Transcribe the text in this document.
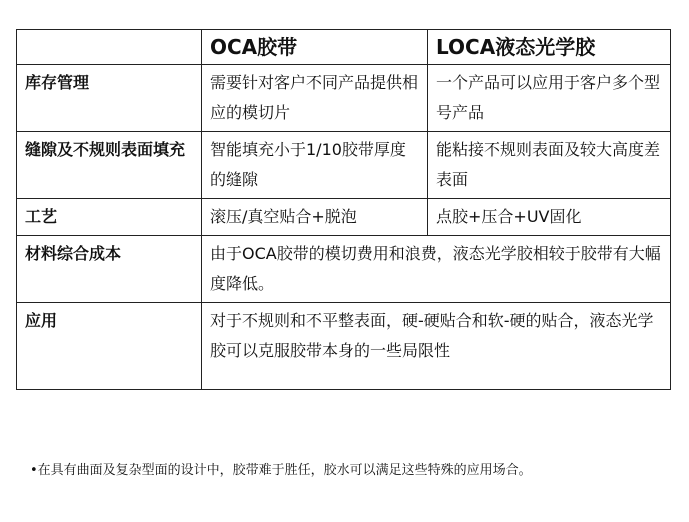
	OCA胶带	LOCA液态光学胶
库存管理	需要针对客户不同产品提供相应的模切片	一个产品可以应用于客户多个型号产品
缝隙及不规则表面填充	智能填充小于1/10胶带厚度的缝隙	能粘接不规则表面及较大高度差表面
工艺	滚压/真空贴合+脱泡	点胶+压合+UV固化
材料综合成本	由于OCA胶带的模切费用和浪费，液态光学胶相较于胶带有大幅度降低。	
应用	对于不规则和不平整表面，硬-硬贴合和软-硬的贴合，液态光学胶可以克服胶带本身的一些局限性	
•在具有曲面及复杂型面的设计中，胶带难于胜任，胶水可以满足这些特殊的应用场合。
